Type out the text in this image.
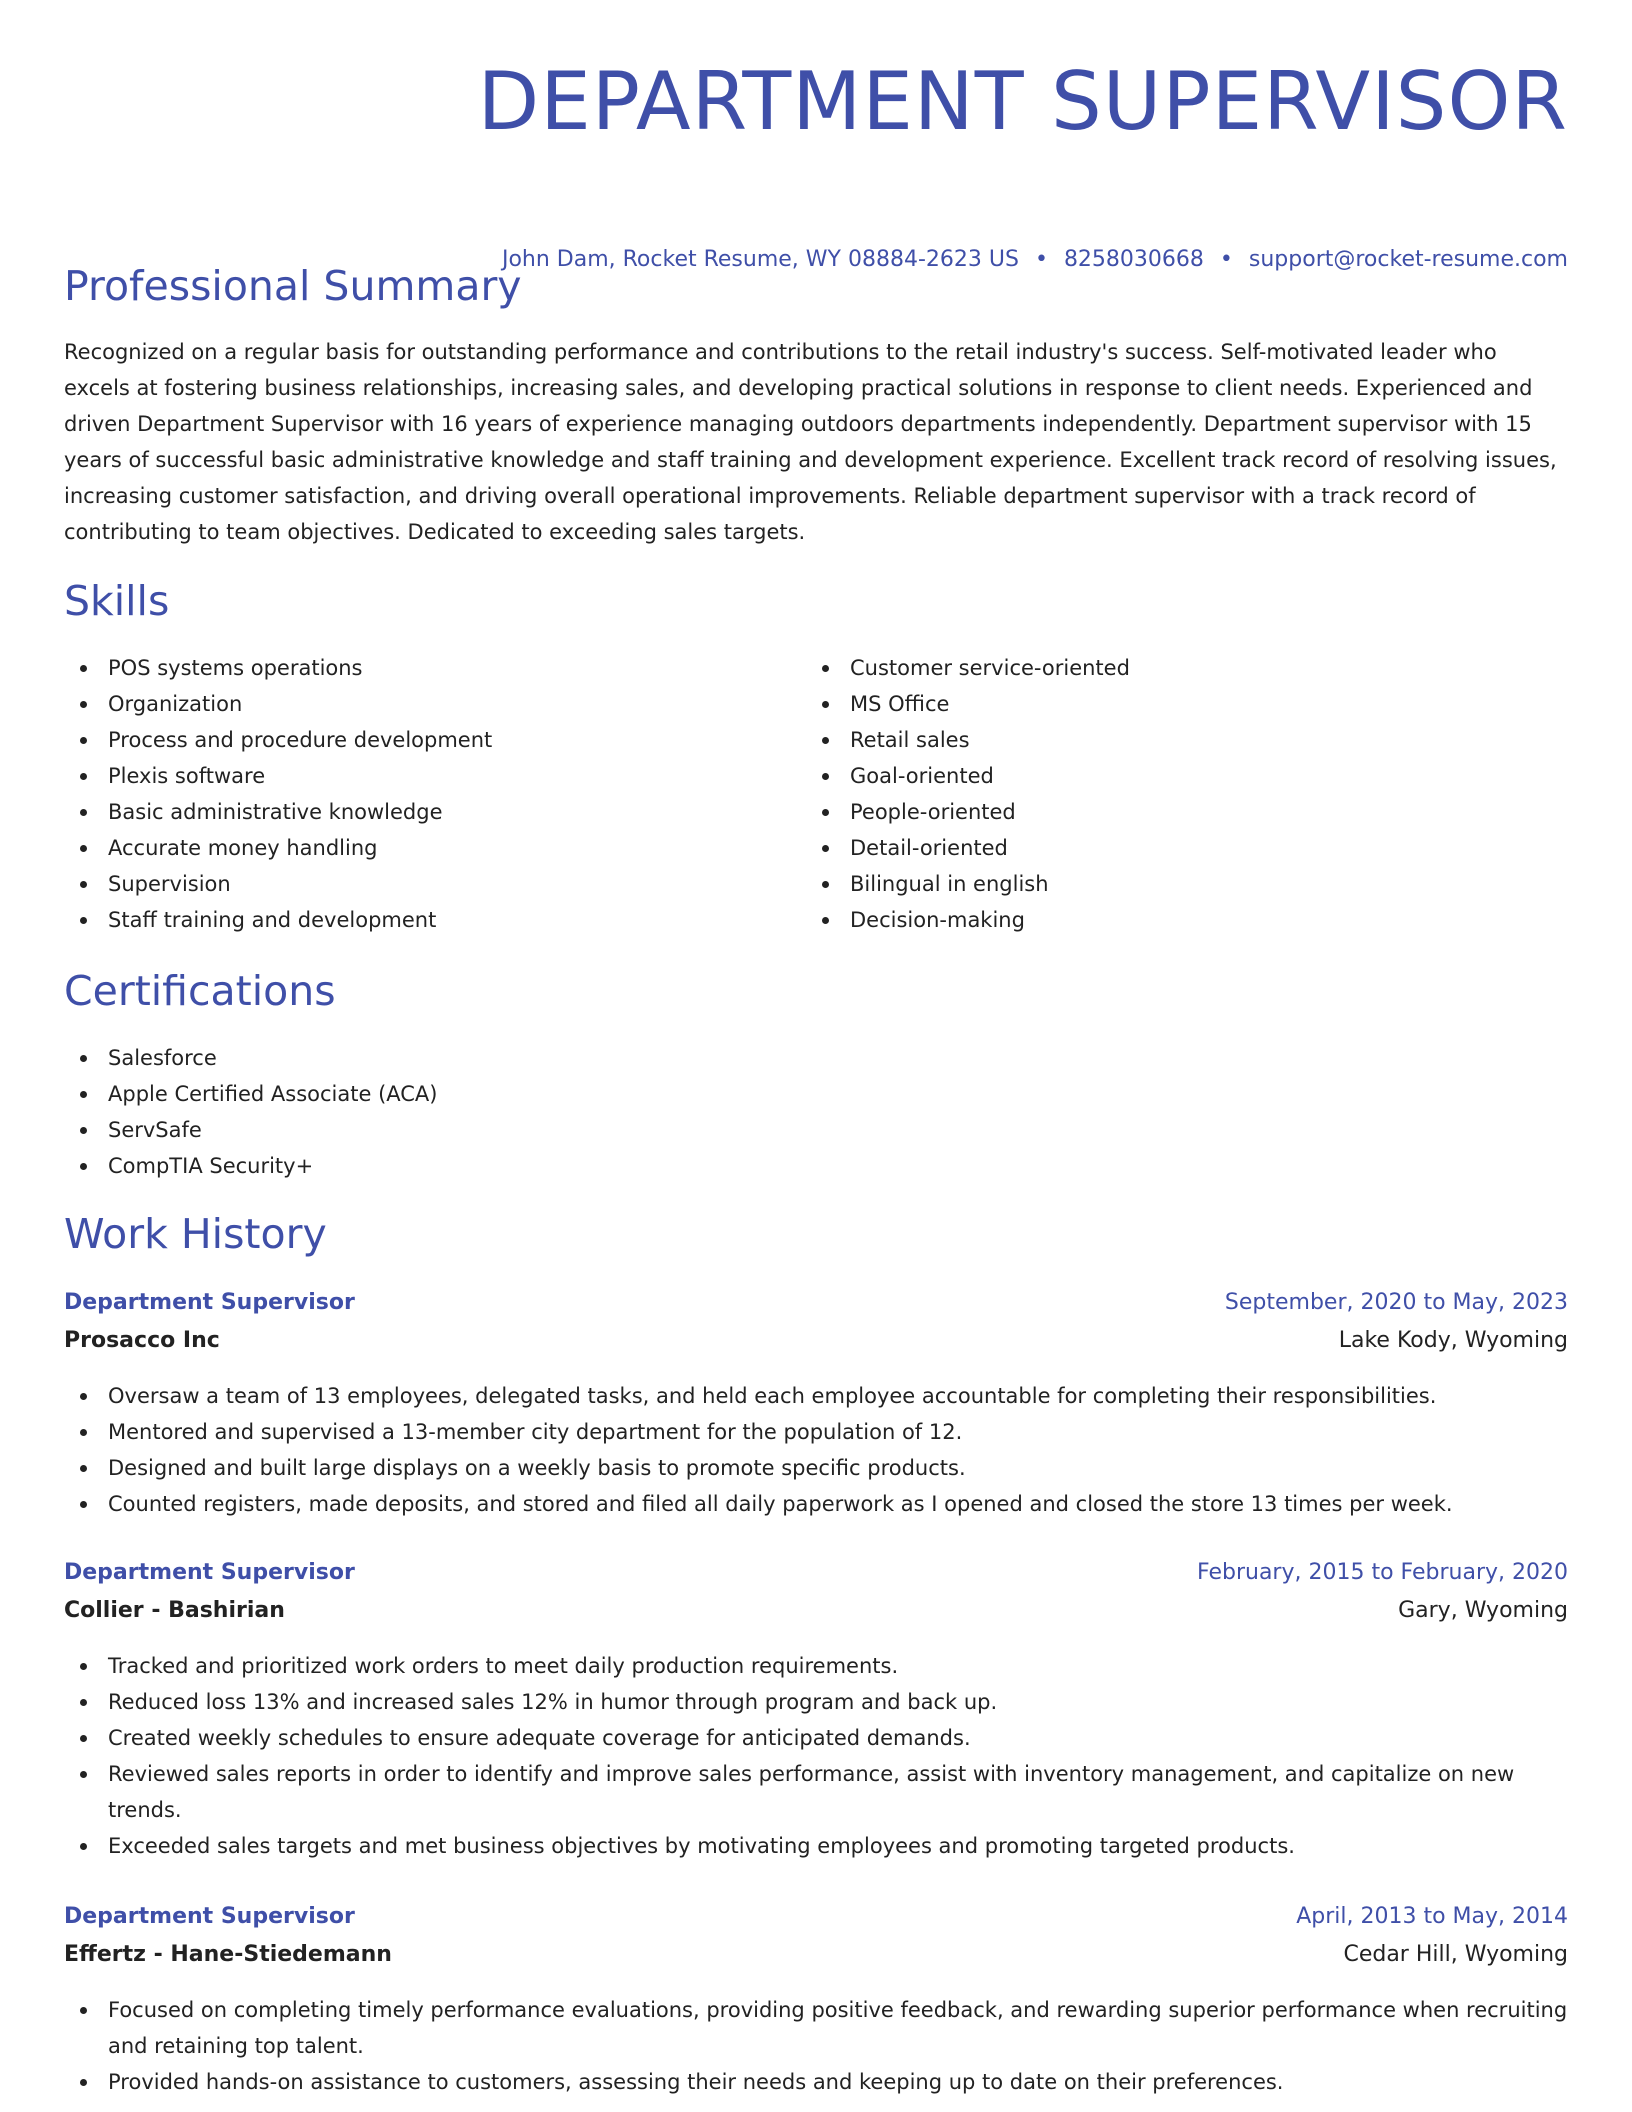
DEPARTMENT SUPERVISOR
John Dam, Rocket Resume, WY 08884-2623 US • 8258030668 • support@rocket-resume.com
Professional Summary

Recognized on a regular basis for outstanding performance and contributions to the retail industry's success. Self-motivated leader who excels at fostering business relationships, increasing sales, and developing practical solutions in response to client needs. Experienced and driven Department Supervisor with 16 years of experience managing outdoors departments independently. Department supervisor with 15 years of successful basic administrative knowledge and staff training and development experience. Excellent track record of resolving issues, increasing customer satisfaction, and driving overall operational improvements. Reliable department supervisor with a track record of contributing to team objectives. Dedicated to exceeding sales targets.

Skills
POS systems operations
Organization
Process and procedure development
Plexis software
Basic administrative knowledge
Accurate money handling
Supervision
Staff training and development
Customer service-oriented
MS Office
Retail sales
Goal-oriented
People-oriented
Detail-oriented
Bilingual in english
Decision-making
Certifications
Salesforce
Apple Certified Associate (ACA)
ServSafe
CompTIA Security+
Work History
Department Supervisor	September, 2020 to May, 2023
Prosacco Inc	Lake Kody, Wyoming
Oversaw a team of 13 employees, delegated tasks, and held each employee accountable for completing their responsibilities.
Mentored and supervised a 13-member city department for the population of 12.
Designed and built large displays on a weekly basis to promote specific products.
Counted registers, made deposits, and stored and filed all daily paperwork as I opened and closed the store 13 times per week.
Department Supervisor	February, 2015 to February, 2020
Collier - Bashirian	Gary, Wyoming
Tracked and prioritized work orders to meet daily production requirements.
Reduced loss 13% and increased sales 12% in humor through program and back up.
Created weekly schedules to ensure adequate coverage for anticipated demands.
Reviewed sales reports in order to identify and improve sales performance, assist with inventory management, and capitalize on new trends.
Exceeded sales targets and met business objectives by motivating employees and promoting targeted products.
Department Supervisor	April, 2013 to May, 2014
Effertz - Hane-Stiedemann	Cedar Hill, Wyoming
Focused on completing timely performance evaluations, providing positive feedback, and rewarding superior performance when recruiting and retaining top talent.
Provided hands-on assistance to customers, assessing their needs and keeping up to date on their preferences.
